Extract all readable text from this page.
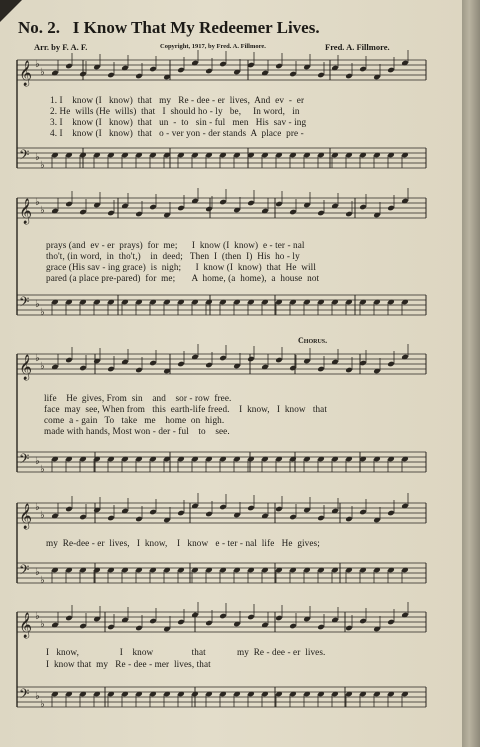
No. 2. I Know That My Redeemer Lives.
Arr. by F. A. F.	Copyright, 1917, by Fred. A. Fillmore.	Fred. A. Fillmore.
Chorus.
𝄞
𝄢
♭
♭
♭
♭
𝄞
𝄢
♭
♭
♭
♭
𝄞
𝄢
♭
♭
♭
♭
𝄞
𝄢
♭
♭
♭
♭
𝄞
𝄢
♭
♭
♭
♭
1. I    know (I   know)  that   my   Re - dee - er  lives,  And  ev  -  er
2. He  wills (He  wills)  that   I  should ho - ly   be,     In word,   in
3. I    know (I   know)  that   un  -  to   sin - ful   men   His  sav - ing
4. I    know (I   know)  that   o - ver yon - der stands  A  place  pre -
prays (and  ev - er  prays)  for  me;      I  know (I  know)  e - ter - nal
tho't, (in word,  in  tho't,)    in  deed;   Then  I  (then  I)  His  ho - ly
grace (His sav - ing grace)  is  nigh;      I  know (I  know)  that  He  will
pared (a place pre-pared)  for  me;       A  home, (a  home),  a  house  not
life    He  gives, From  sin    and    sor - row  free.
face  may  see, When from   this  earth-life freed.    I  know,   I  know   that
come  a - gain   To   take   me    home  on  high.
made with hands, Most won - der - ful    to    see.
my  Re-dee - er  lives,   I  know,    I   know   e - ter - nal  life   He  gives;
I   know,                 I    know                that             my  Re - dee - er  lives.
I  know that  my   Re - dee - mer  lives, that
